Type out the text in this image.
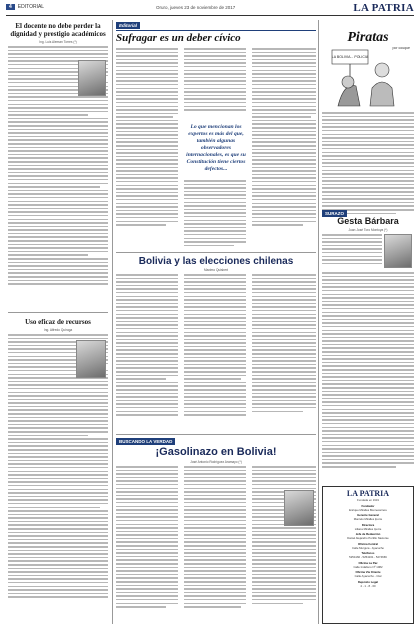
4 EDITORIAL	Oruro, jueves 23 de noviembre de 2017	LA PATRIA
El docente no debe perder la dignidad y prestigio académicos
Ing. Luis Aleman Torres (*)
Uso eficaz de recursos
Ing. Alfredo Quiroga
Editorial
Sufragar es un deber cívico
Lo que mencionan los expertos es más del que, también algunas observadores internacionales, es que su Constitución tiene ciertos defectos...
Bolivia y las elecciones chilenas
Maximo Quisbert
BUSCANDO LA VERDAD
¡Gasolinazo en Bolivia!
José Antonio Rodríguez Aramayo (*)
Piratas
por couque
LA BOLIVIA... POLICIA
SURAZO
Gesta Bárbara
Juan José Toro Montoya (*)
LA PATRIA
Fundada en 1919
Fundador
Enrique Miralles Bonnecarrere
Gerente General
Marcelo Miralles Iporre
Directora
Liliana Miralles Iporre
Jefe de Redacción
Daniel Alejandro Portillo Naviorse
Oficina Central
Calle Murguía - Ayacucho
Teléfonos
5254160 - 5254161 - 5274666
Oficina La Paz
Calle Indaburo Nº 1082
Oficina Vía Oriente
Calle Ayacucho - Ctal
Depósito Legal
4 - 1 - 8 - 00
